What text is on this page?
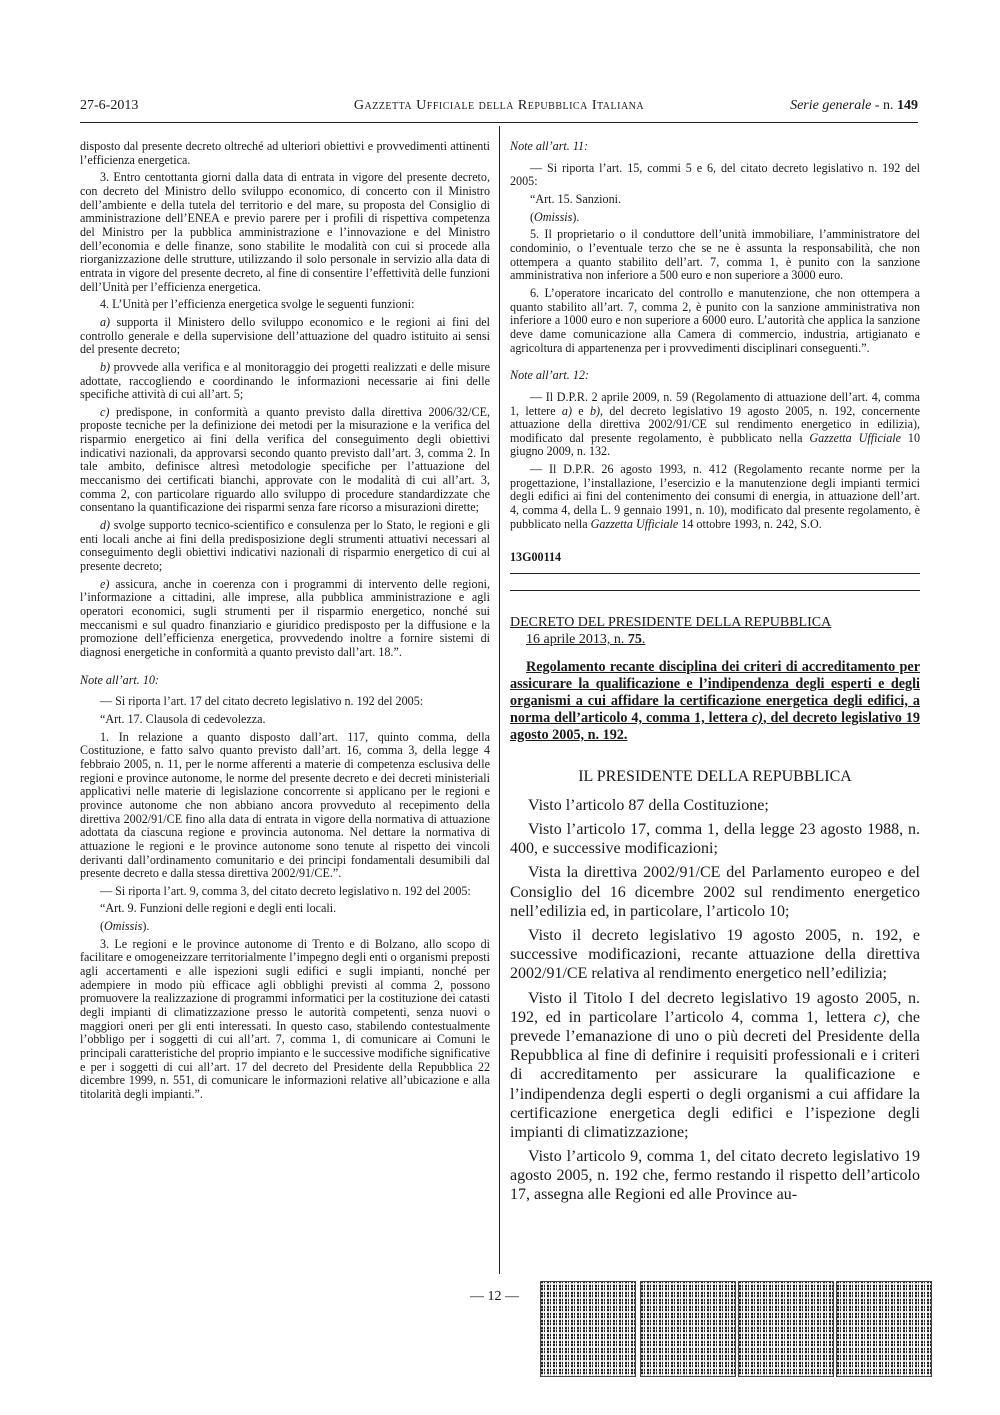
27-6-2013	Gazzetta Ufficiale della Repubblica Italiana	Serie generale - n. 149

disposto dal presente decreto oltreché ad ulteriori obiettivi e provvedimenti attinenti l’efficienza energetica.

3. Entro centottanta giorni dalla data di entrata in vigore del presente decreto, con decreto del Ministro dello sviluppo economico, di concerto con il Ministro dell’ambiente e della tutela del territorio e del mare, su proposta del Consiglio di amministrazione dell’ENEA e previo parere per i profili di rispettiva competenza del Ministro per la pubblica amministrazione e l’innovazione e del Ministro dell’economia e delle finanze, sono stabilite le modalità con cui si procede alla riorganizzazione delle strutture, utilizzando il solo personale in servizio alla data di entrata in vigore del presente decreto, al fine di consentire l’effettività delle funzioni dell’Unità per l’efficienza energetica.

4. L’Unità per l’efficienza energetica svolge le seguenti funzioni:

a) supporta il Ministero dello sviluppo economico e le regioni ai fini del controllo generale e della supervisione dell’attuazione del quadro istituito ai sensi del presente decreto;

b) provvede alla verifica e al monitoraggio dei progetti realizzati e delle misure adottate, raccogliendo e coordinando le informazioni necessarie ai fini delle specifiche attività di cui all’art. 5;

c) predispone, in conformità a quanto previsto dalla direttiva 2006/32/CE, proposte tecniche per la definizione dei metodi per la misurazione e la verifica del risparmio energetico ai fini della verifica del conseguimento degli obiettivi indicativi nazionali, da approvarsi secondo quanto previsto dall’art. 3, comma 2. In tale ambito, definisce altresì metodologie specifiche per l’attuazione del meccanismo dei certificati bianchi, approvate con le modalità di cui all’art. 3, comma 2, con particolare riguardo allo sviluppo di procedure standardizzate che consentano la quantificazione dei risparmi senza fare ricorso a misurazioni dirette;

d) svolge supporto tecnico-scientifico e consulenza per lo Stato, le regioni e gli enti locali anche ai fini della predisposizione degli strumenti attuativi necessari al conseguimento degli obiettivi indicativi nazionali di risparmio energetico di cui al presente decreto;

e) assicura, anche in coerenza con i programmi di intervento delle regioni, l’informazione a cittadini, alle imprese, alla pubblica amministrazione e agli operatori economici, sugli strumenti per il risparmio energetico, nonché sui meccanismi e sul quadro finanziario e giuridico predisposto per la diffusione e la promozione dell’efficienza energetica, provvedendo inoltre a fornire sistemi di diagnosi energetiche in conformità a quanto previsto dall’art. 18.”.

Note all’art. 10:

— Si riporta l’art. 17 del citato decreto legislativo n. 192 del 2005:

“Art. 17. Clausola di cedevolezza.

1. In relazione a quanto disposto dall’art. 117, quinto comma, della Costituzione, e fatto salvo quanto previsto dall’art. 16, comma 3, della legge 4 febbraio 2005, n. 11, per le norme afferenti a materie di competenza esclusiva delle regioni e province autonome, le norme del presente decreto e dei decreti ministeriali applicativi nelle materie di legislazione concorrente si applicano per le regioni e province autonome che non abbiano ancora provveduto al recepimento della direttiva 2002/91/CE fino alla data di entrata in vigore della normativa di attuazione adottata da ciascuna regione e provincia autonoma. Nel dettare la normativa di attuazione le regioni e le province autonome sono tenute al rispetto dei vincoli derivanti dall’ordinamento comunitario e dei principi fondamentali desumibili dal presente decreto e dalla stessa direttiva 2002/91/CE.”.

— Si riporta l’art. 9, comma 3, del citato decreto legislativo n. 192 del 2005:

“Art. 9. Funzioni delle regioni e degli enti locali.

(Omissis).

3. Le regioni e le province autonome di Trento e di Bolzano, allo scopo di facilitare e omogeneizzare territorialmente l’impegno degli enti o organismi preposti agli accertamenti e alle ispezioni sugli edifici e sugli impianti, nonché per adempiere in modo più efficace agli obblighi previsti al comma 2, possono promuovere la realizzazione di programmi informatici per la costituzione dei catasti degli impianti di climatizzazione presso le autorità competenti, senza nuovi o maggiori oneri per gli enti interessati. In questo caso, stabilendo contestualmente l’obbligo per i soggetti di cui all’art. 7, comma 1, di comunicare ai Comuni le principali caratteristiche del proprio impianto e le successive modifiche significative e per i soggetti di cui all’art. 17 del decreto del Presidente della Repubblica 22 dicembre 1999, n. 551, di comunicare le informazioni relative all’ubicazione e alla titolarità degli impianti.”.

Note all’art. 11:

— Si riporta l’art. 15, commi 5 e 6, del citato decreto legislativo n. 192 del 2005:

“Art. 15. Sanzioni.

(Omissis).

5. Il proprietario o il conduttore dell’unità immobiliare, l’amministratore del condominio, o l’eventuale terzo che se ne è assunta la responsabilità, che non ottempera a quanto stabilito dell’art. 7, comma 1, è punito con la sanzione amministrativa non inferiore a 500 euro e non superiore a 3000 euro.

6. L’operatore incaricato del controllo e manutenzione, che non ottempera a quanto stabilito all’art. 7, comma 2, è punito con la sanzione amministrativa non inferiore a 1000 euro e non superiore a 6000 euro. L’autorità che applica la sanzione deve dame comunicazione alla Camera di commercio, industria, artigianato e agricoltura di appartenenza per i provvedimenti disciplinari conseguenti.”.

Note all’art. 12:

— Il D.P.R. 2 aprile 2009, n. 59 (Regolamento di attuazione dell’art. 4, comma 1, lettere a) e b), del decreto legislativo 19 agosto 2005, n. 192, concernente attuazione della direttiva 2002/91/CE sul rendimento energetico in edilizia), modificato dal presente regolamento, è pubblicato nella Gazzetta Ufficiale 10 giugno 2009, n. 132.

— Il D.P.R. 26 agosto 1993, n. 412 (Regolamento recante norme per la progettazione, l’installazione, l’esercizio e la manutenzione degli impianti termici degli edifici ai fini del contenimento dei consumi di energia, in attuazione dell’art. 4, comma 4, della L. 9 gennaio 1991, n. 10), modificato dal presente regolamento, è pubblicato nella Gazzetta Ufficiale 14 ottobre 1993, n. 242, S.O.

13G00114

DECRETO DEL PRESIDENTE DELLA REPUBBLICA
16 aprile 2013, n. 75.

Regolamento recante disciplina dei criteri di accreditamento per assicurare la qualificazione e l’indipendenza degli esperti e degli organismi a cui affidare la certificazione energetica degli edifici, a norma dell’articolo 4, comma 1, lettera c), del decreto legislativo 19 agosto 2005, n. 192.

IL PRESIDENTE DELLA REPUBBLICA

Visto l’articolo 87 della Costituzione;

Visto l’articolo 17, comma 1, della legge 23 agosto 1988, n. 400, e successive modificazioni;

Vista la direttiva 2002/91/CE del Parlamento europeo e del Consiglio del 16 dicembre 2002 sul rendimento energetico nell’edilizia ed, in particolare, l’articolo 10;

Visto il decreto legislativo 19 agosto 2005, n. 192, e successive modificazioni, recante attuazione della direttiva 2002/91/CE relativa al rendimento energetico nell’edilizia;

Visto il Titolo I del decreto legislativo 19 agosto 2005, n. 192, ed in particolare l’articolo 4, comma 1, lettera c), che prevede l’emanazione di uno o più decreti del Presidente della Repubblica al fine di definire i requisiti professionali e i criteri di accreditamento per assicurare la qualificazione e l’indipendenza degli esperti o degli organismi a cui affidare la certificazione energetica degli edifici e l’ispezione degli impianti di climatizzazione;

Visto l’articolo 9, comma 1, del citato decreto legislativo 19 agosto 2005, n. 192 che, fermo restando il rispetto dell’articolo 17, assegna alle Regioni ed alle Province au-

— 12 —
